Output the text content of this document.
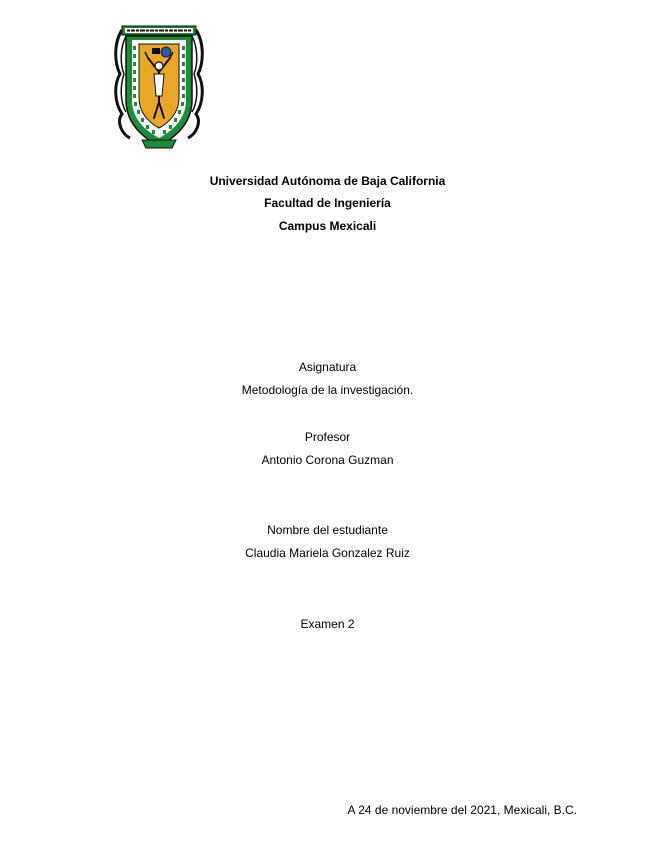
Universidad Autónoma de Baja California
Facultad de Ingeniería
Campus Mexicali
Asignatura
Metodología de la investigación.
Profesor
Antonio Corona Guzman
Nombre del estudiante
Claudia Mariela Gonzalez Ruiz
Examen 2
A 24 de noviembre del 2021, Mexicali, B.C.
